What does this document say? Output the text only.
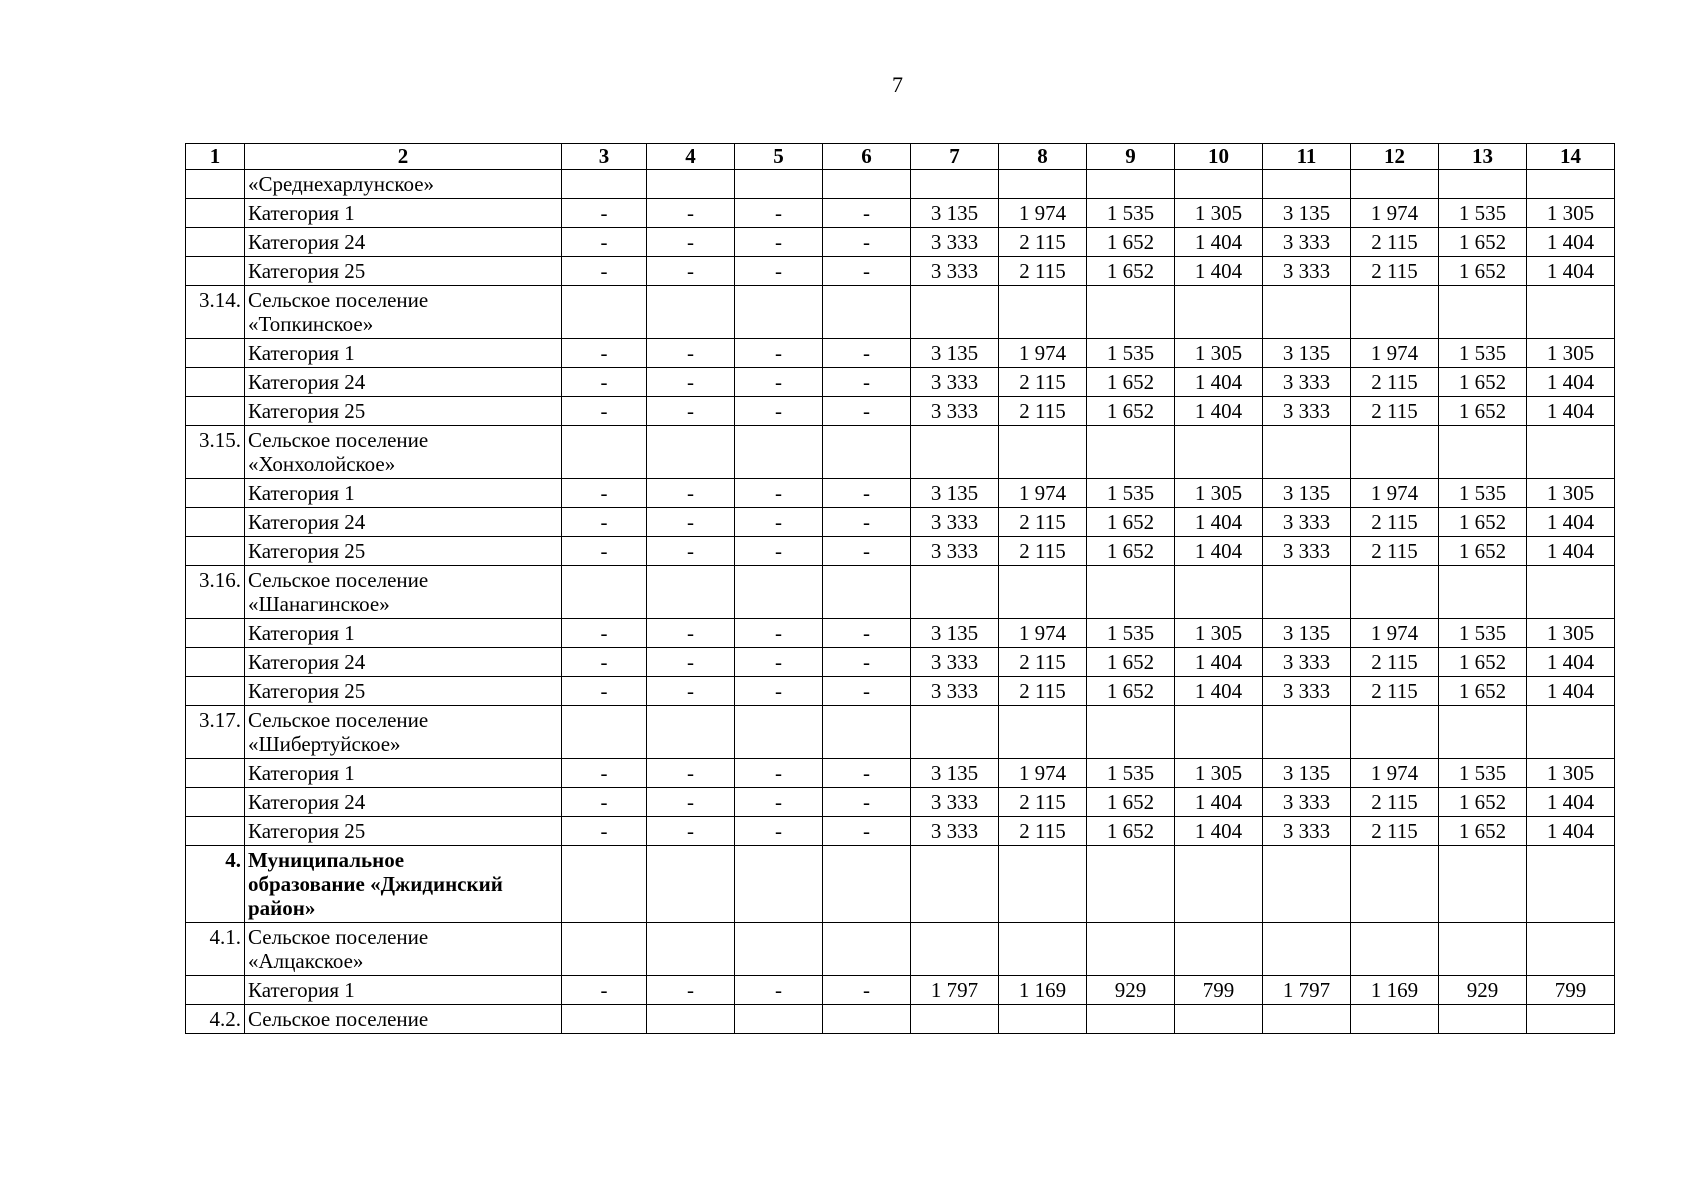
7
1	2	3	4	5	6	7	8	9	10	11	12	13	14

	«Среднехарлунское»												

	Категория 1	-	-	-	-	3 135	1 974	1 535	1 305	3 135	1 974	1 535	1 305

	Категория 24	-	-	-	-	3 333	2 115	1 652	1 404	3 333	2 115	1 652	1 404

	Категория 25	-	-	-	-	3 333	2 115	1 652	1 404	3 333	2 115	1 652	1 404
3.14.	Сельское поселение
«Топкинское»												

	Категория 1	-	-	-	-	3 135	1 974	1 535	1 305	3 135	1 974	1 535	1 305

	Категория 24	-	-	-	-	3 333	2 115	1 652	1 404	3 333	2 115	1 652	1 404

	Категория 25	-	-	-	-	3 333	2 115	1 652	1 404	3 333	2 115	1 652	1 404
3.15.	Сельское поселение
«Хонхолойское»												

	Категория 1	-	-	-	-	3 135	1 974	1 535	1 305	3 135	1 974	1 535	1 305

	Категория 24	-	-	-	-	3 333	2 115	1 652	1 404	3 333	2 115	1 652	1 404

	Категория 25	-	-	-	-	3 333	2 115	1 652	1 404	3 333	2 115	1 652	1 404
3.16.	Сельское поселение
«Шанагинское»												

	Категория 1	-	-	-	-	3 135	1 974	1 535	1 305	3 135	1 974	1 535	1 305

	Категория 24	-	-	-	-	3 333	2 115	1 652	1 404	3 333	2 115	1 652	1 404

	Категория 25	-	-	-	-	3 333	2 115	1 652	1 404	3 333	2 115	1 652	1 404
3.17.	Сельское поселение
«Шибертуйское»												

	Категория 1	-	-	-	-	3 135	1 974	1 535	1 305	3 135	1 974	1 535	1 305

	Категория 24	-	-	-	-	3 333	2 115	1 652	1 404	3 333	2 115	1 652	1 404

	Категория 25	-	-	-	-	3 333	2 115	1 652	1 404	3 333	2 115	1 652	1 404
4.	Муниципальное
образование «Джидинский
район»												

4.1.	Сельское поселение
«Алцакское»												

	Категория 1	-	-	-	-	1 797	1 169	929	799	1 797	1 169	929	799
4.2.	Сельское поселение												
